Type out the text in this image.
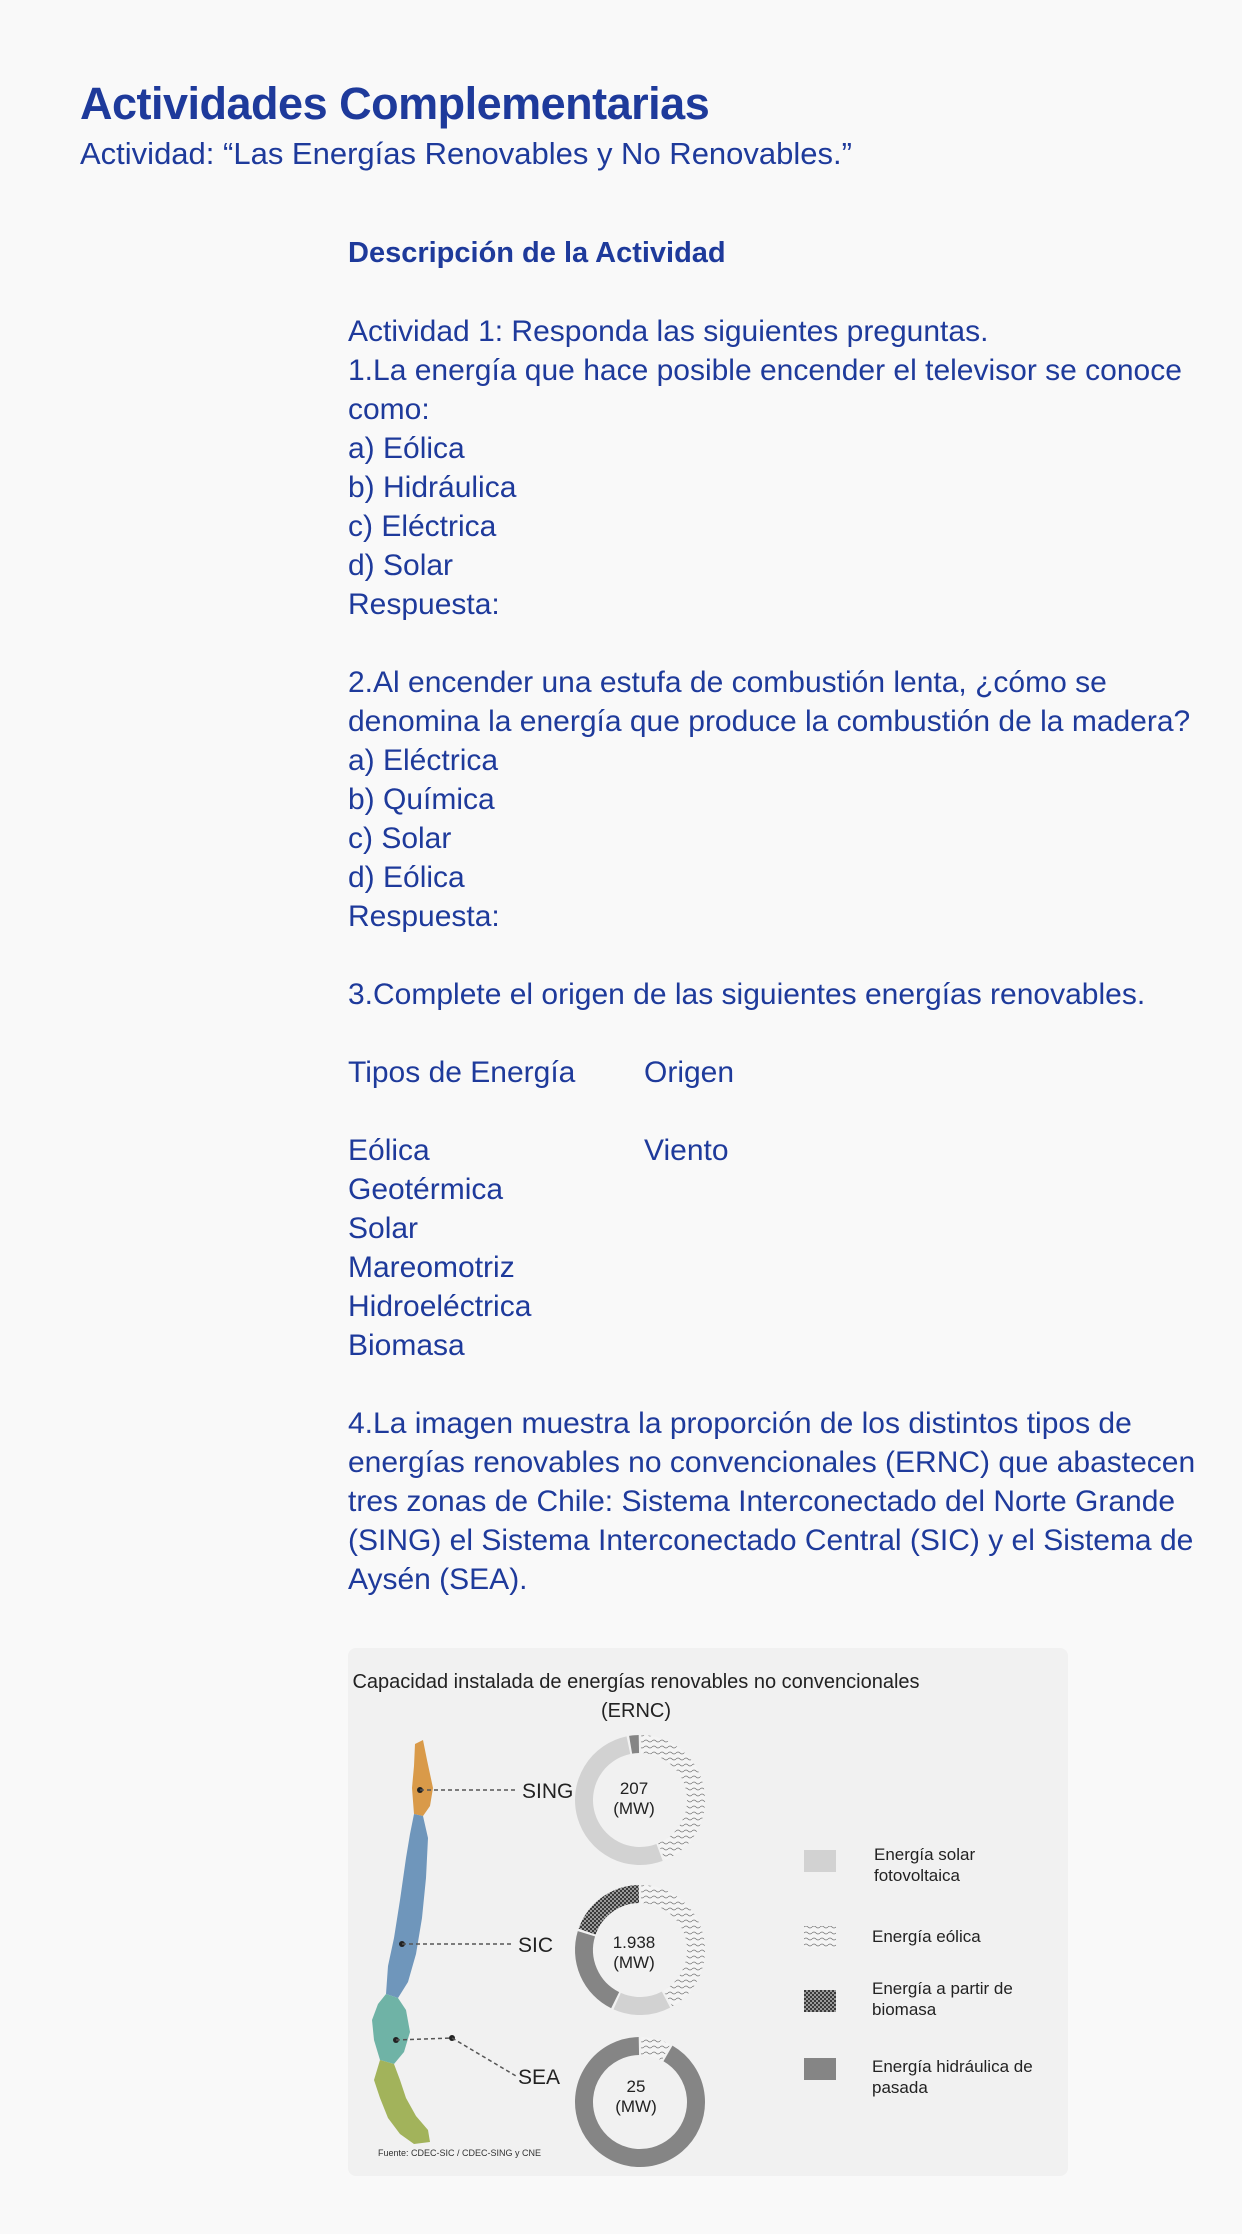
Actividades Complementarias
Actividad: “Las Energías Renovables y No Renovables.”
Descripción de la Actividad
Actividad 1: Responda las siguientes preguntas.
1.La energía que hace posible encender el televisor se conoce como:
a) Eólica
b) Hidráulica
c) Eléctrica
d) Solar
Respuesta:
2.Al encender una estufa de combustión lenta, ¿cómo se denomina la energía que produce la combustión de la madera?
a) Eléctrica
b) Química
c) Solar
d) Eólica
Respuesta:
3.Complete el origen de las siguientes energías renovables.
Tipos de Energía	Origen
Eólica	Viento
Geotérmica
Solar
Mareomotriz
Hidroeléctrica
Biomasa
4.La imagen muestra la proporción de los distintos tipos de energías renovables no convencionales (ERNC) que abastecen tres zonas de Chile: Sistema Interconectado del Norte Grande (SING) el Sistema Interconectado Central (SIC) y el Sistema de Aysén (SEA).
Capacidad instalada de energías renovables no convencionales (ERNC)
SING
SIC
SEA
207
(MW)
1.938
(MW)
25
(MW)
Energía solar fotovoltaica
Energía eólica
Energía a partir de biomasa
Energía hidráulica de pasada
Fuente: CDEC-SIC / CDEC-SING y CNE
